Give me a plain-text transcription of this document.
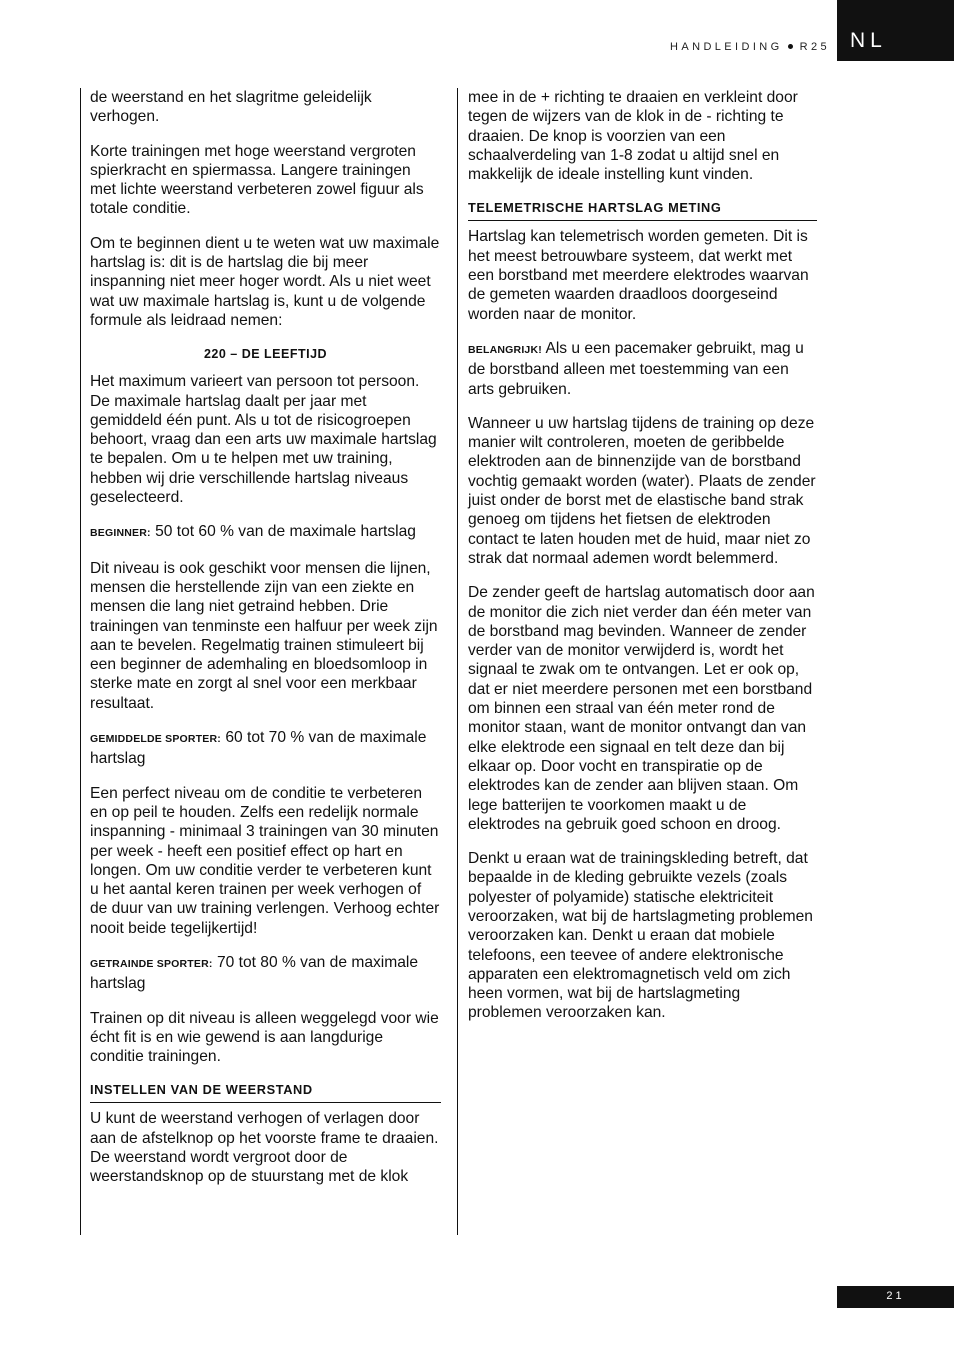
HANDLEIDING R25 NL

de weerstand en het slagritme geleidelijk verhogen.

Korte trainingen met hoge weerstand vergroten spierkracht en spiermassa. Langere trainingen met lichte weerstand verbeteren zowel figuur als totale conditie.

Om te beginnen dient u te weten wat uw maximale hartslag is: dit is de hartslag die bij meer inspanning niet meer hoger wordt. Als u niet weet wat uw maximale hartslag is, kunt u de volgende formule als leidraad nemen:

220 – DE LEEFTIJD

Het maximum varieert van persoon tot persoon. De maximale hartslag daalt per jaar met gemiddeld één punt. Als u tot de risicogroepen behoort, vraag dan een arts uw maximale hartslag te bepalen. Om u te helpen met uw training, hebben wij drie verschillende hartslag niveaus geselecteerd.

BEGINNER: 50 tot 60 % van de maximale hartslag

Dit niveau is ook geschikt voor mensen die lijnen, mensen die herstellende zijn van een ziekte en mensen die lang niet getraind hebben. Drie trainingen van tenminste een halfuur per week zijn aan te bevelen. Regelmatig trainen stimuleert bij een beginner de ademhaling en bloedsomloop in sterke mate en zorgt al snel voor een merkbaar resultaat.

GEMIDDELDE SPORTER: 60 tot 70 % van de maximale hartslag

Een perfect niveau om de conditie te verbeteren en op peil te houden. Zelfs een redelijk normale inspanning - minimaal 3 trainingen van 30 minuten per week - heeft een positief effect op hart en longen. Om uw conditie verder te verbeteren kunt u het aantal keren trainen per week verhogen of de duur van uw training verlengen. Verhoog echter nooit beide tegelijkertijd!

GETRAINDE SPORTER: 70 tot 80 % van de maximale hartslag

Trainen op dit niveau is alleen weggelegd voor wie écht fit is en wie gewend is aan langdurige conditie trainingen.

INSTELLEN VAN DE WEERSTAND

U kunt de weerstand verhogen of verlagen door aan de afstelknop op het voorste frame te draaien. De weerstand wordt vergroot door de weerstandsknop op de stuurstang met de klok

mee in de + richting te draaien en verkleint door tegen de wijzers van de klok in de - richting te draaien. De knop is voorzien van een schaalverdeling van 1-8 zodat u altijd snel en makkelijk de ideale instelling kunt vinden.

TELEMETRISCHE HARTSLAG METING

Hartslag kan telemetrisch worden gemeten. Dit is het meest betrouwbare systeem, dat werkt met een borstband met meerdere elektrodes waarvan de gemeten waarden draadloos doorgeseind worden naar de monitor.

BELANGRIJK! Als u een pacemaker gebruikt, mag u de borstband alleen met toestemming van een arts gebruiken.

Wanneer u uw hartslag tijdens de training op deze manier wilt controleren, moeten de geribbelde elektroden aan de binnenzijde van de borstband vochtig gemaakt worden (water). Plaats de zender juist onder de borst met de elastische band strak genoeg om tijdens het fietsen de elektroden contact te laten houden met de huid, maar niet zo strak dat normaal ademen wordt belemmerd.

De zender geeft de hartslag automatisch door aan de monitor die zich niet verder dan één meter van de borstband mag bevinden. Wanneer de zender verder van de monitor verwijderd is, wordt het signaal te zwak om te ontvangen. Let er ook op, dat er niet meerdere personen met een borstband om binnen een straal van één meter rond de monitor staan, want de monitor ontvangt dan van elke elektrode een signaal en telt deze dan bij elkaar op. Door vocht en transpiratie op de elektrodes kan de zender aan blijven staan. Om lege batterijen te voorkomen maakt u de elektrodes na gebruik goed schoon en droog.

Denkt u eraan wat de trainingskleding betreft, dat bepaalde in de kleding gebruikte vezels (zoals polyester of polyamide) statische elektriciteit veroorzaken, wat bij de hartslagmeting problemen veroorzaken kan. Denkt u eraan dat mobiele telefoons, een teevee of andere elektronische apparaten een elektromagnetisch veld om zich heen vormen, wat bij de hartslagmeting problemen veroorzaken kan.

21
